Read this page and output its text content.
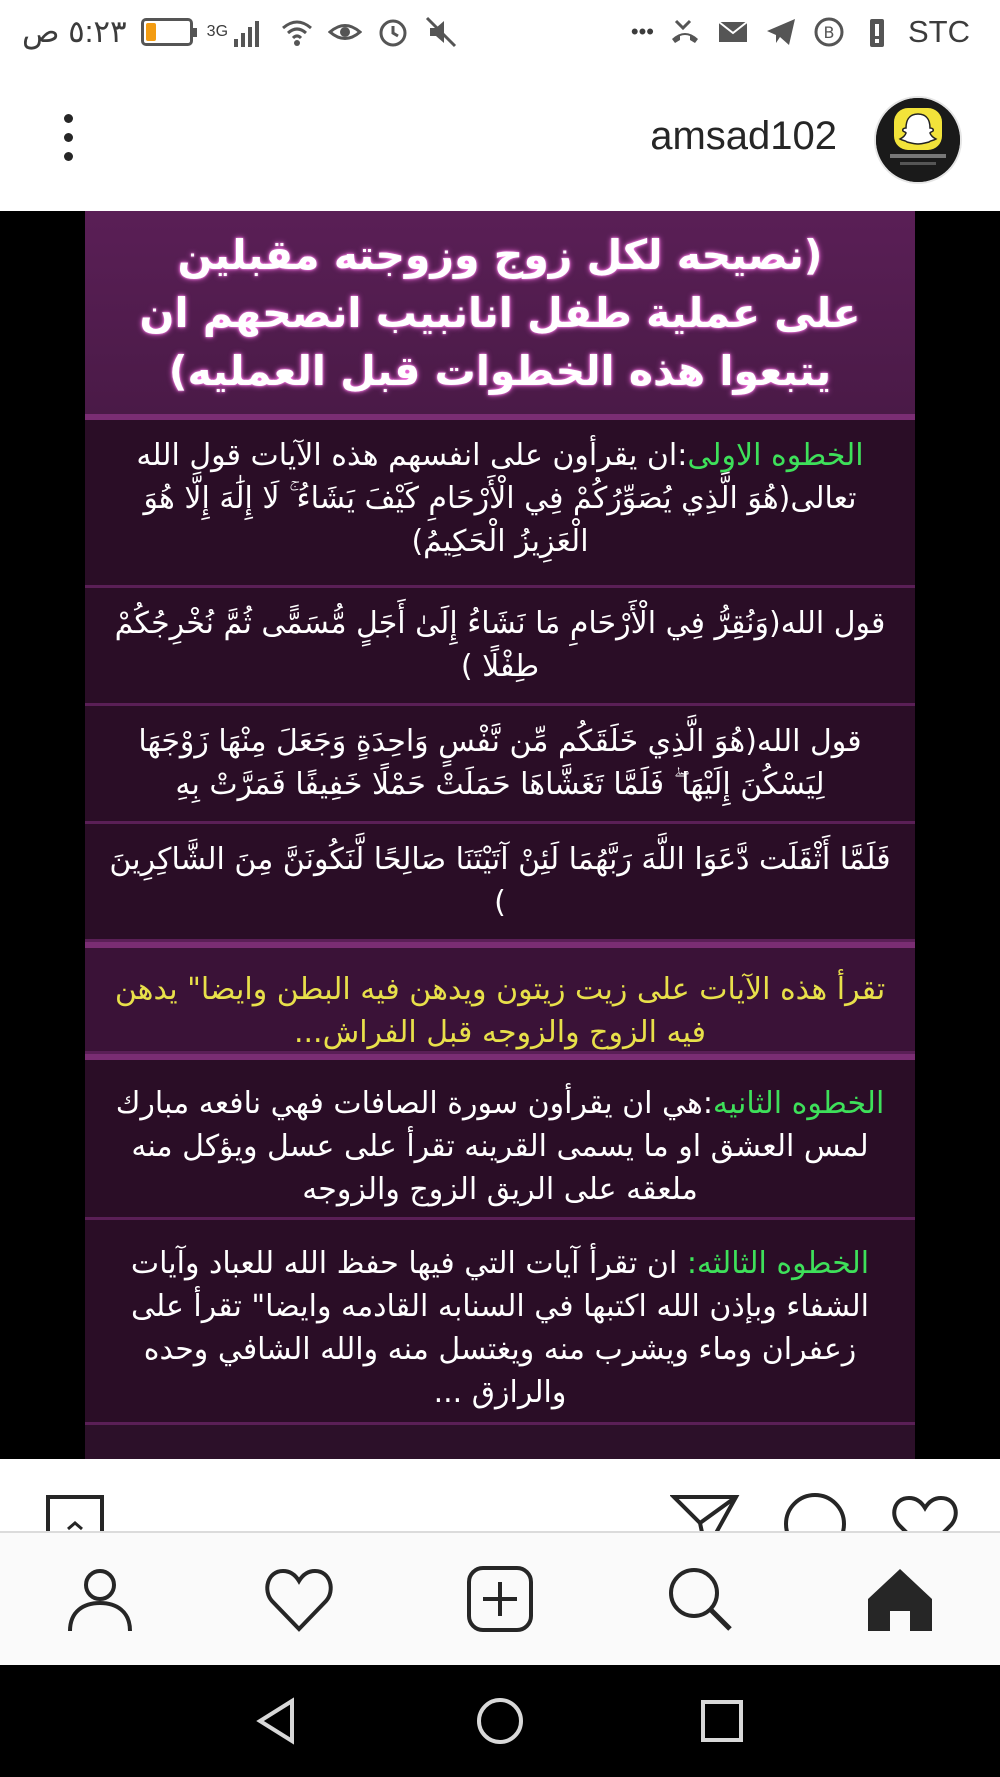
٥:٢٣ ص	3G	•••	B STC
amsad102
(نصيحه لكل زوج وزوجته مقبلين على عملية طفل انانبيب انصحهم ان يتبعوا هذه الخطوات قبل العمليه)
الخطوه الاولى:ان يقرأون على انفسهم هذه الآيات قول الله تعالى(هُوَ الَّذِي يُصَوِّرُكُمْ فِي الْأَرْحَامِ كَيْفَ يَشَاءُ ۚ لَا إِلَٰهَ إِلَّا هُوَ الْعَزِيزُ الْحَكِيمُ)
قول الله(وَنُقِرُّ فِي الْأَرْحَامِ مَا نَشَاءُ إِلَىٰ أَجَلٍ مُّسَمًّى ثُمَّ نُخْرِجُكُمْ طِفْلًا )
قول الله(هُوَ الَّذِي خَلَقَكُم مِّن نَّفْسٍ وَاحِدَةٍ وَجَعَلَ مِنْهَا زَوْجَهَا لِيَسْكُنَ إِلَيْهَا ۖ فَلَمَّا تَغَشَّاهَا حَمَلَتْ حَمْلًا خَفِيفًا فَمَرَّتْ بِهِ
فَلَمَّا أَثْقَلَت دَّعَوَا اللَّهَ رَبَّهُمَا لَئِنْ آتَيْتَنَا صَالِحًا لَّنَكُونَنَّ مِنَ الشَّاكِرِينَ )
تقرأ هذه الآيات على زيت زيتون ويدهن فيه البطن وايضا" يدهن فيه الزوج والزوجه قبل الفراش...
الخطوه الثانيه:هي ان يقرأون سورة الصافات فهي نافعه مبارك لمس العشق او ما يسمى القرينه تقرأ على عسل ويؤكل منه ملعقه على الريق الزوج والزوجه
الخطوه الثالثه: ان تقرأ آيات التي فيها حفظ الله للعباد وآيات الشفاء وبإذن الله اكتبها في السنابه القادمه وايضا" تقرأ على زعفران وماء ويشرب منه ويغتسل منه والله الشافي وحده والرازق ...
